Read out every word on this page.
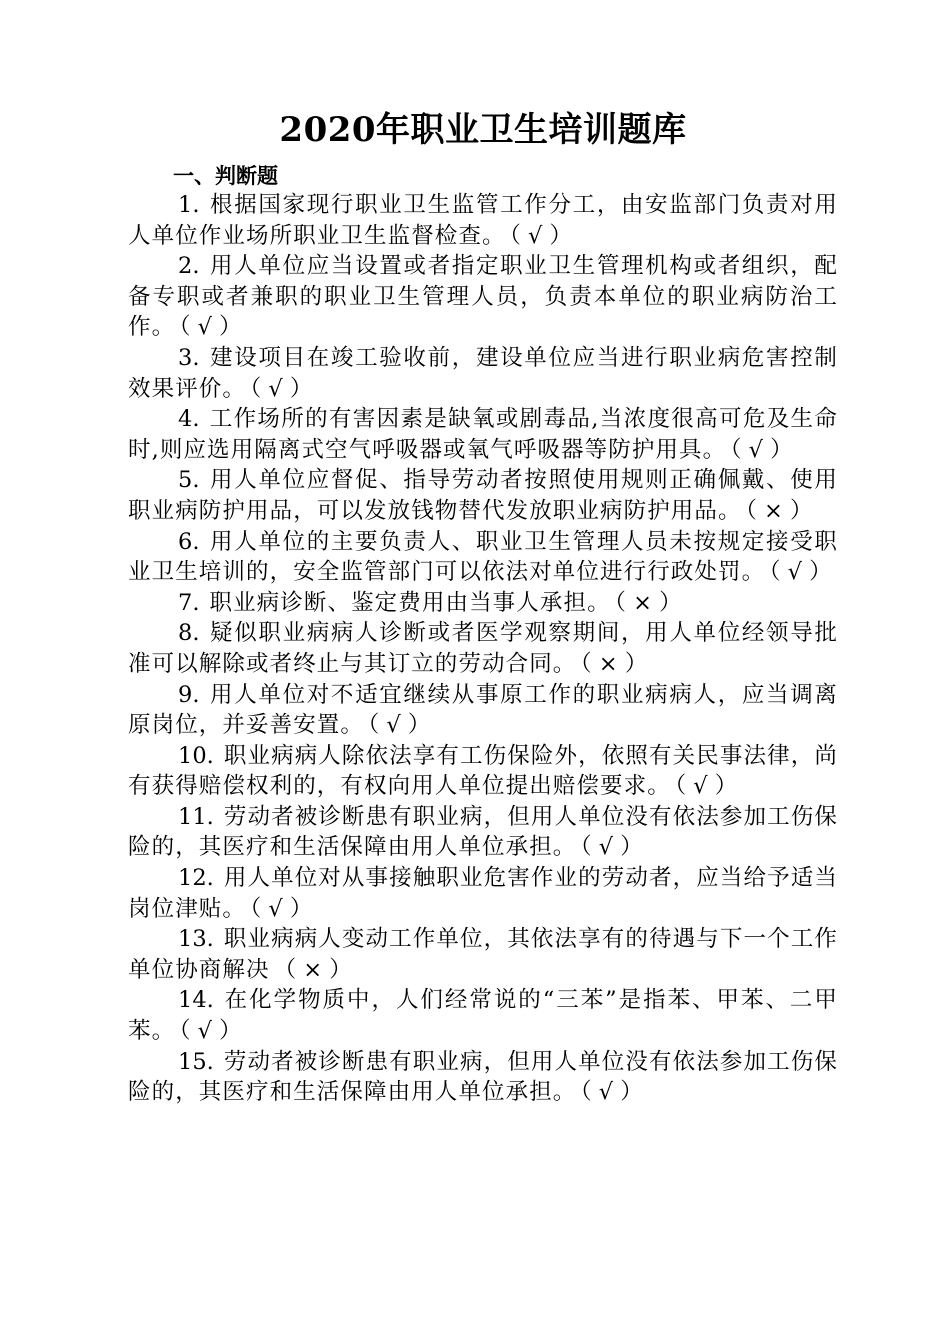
2020年职业卫生培训题库
一、判断题

1. 根据国家现行职业卫生监管工作分工，由安监部门负责对用人单位作业场所职业卫生监督检查。 （ √ ）

2. 用人单位应当设置或者指定职业卫生管理机构或者组织，配备专职或者兼职的职业卫生管理人员，负责本单位的职业病防治工作。 （ √ ）

3. 建设项目在竣工验收前，建设单位应当进行职业病危害控制效果评价。 （ √ ）

4. 工作场所的有害因素是缺氧或剧毒品,当浓度很高可危及生命时,则应选用隔离式空气呼吸器或氧气呼吸器等防护用具。 （ √ ）

5. 用人单位应督促、指导劳动者按照使用规则正确佩戴、使用职业病防护用品，可以发放钱物替代发放职业病防护用品。 （ × ）

6. 用人单位的主要负责人、职业卫生管理人员未按规定接受职业卫生培训的，安全监管部门可以依法对单位进行行政处罚。 （ √ ）

7. 职业病诊断、鉴定费用由当事人承担。 （ × ）

8. 疑似职业病病人诊断或者医学观察期间，用人单位经领导批准可以解除或者终止与其订立的劳动合同。 （ × ）

9. 用人单位对不适宜继续从事原工作的职业病病人，应当调离原岗位，并妥善安置。 （ √ ）

10. 职业病病人除依法享有工伤保险外，依照有关民事法律，尚有获得赔偿权利的，有权向用人单位提出赔偿要求。 （ √ ）

11. 劳动者被诊断患有职业病，但用人单位没有依法参加工伤保险的，其医疗和生活保障由用人单位承担。 （ √ ）

12. 用人单位对从事接触职业危害作业的劳动者，应当给予适当岗位津贴。 （ √ ）

13. 职业病病人变动工作单位，其依法享有的待遇与下一个工作单位协商解决 （ × ）

14. 在化学物质中，人们经常说的“三苯”是指苯、甲苯、二甲苯。 （ √ ）

15. 劳动者被诊断患有职业病，但用人单位没有依法参加工伤保险的，其医疗和生活保障由用人单位承担。 （ √ ）
